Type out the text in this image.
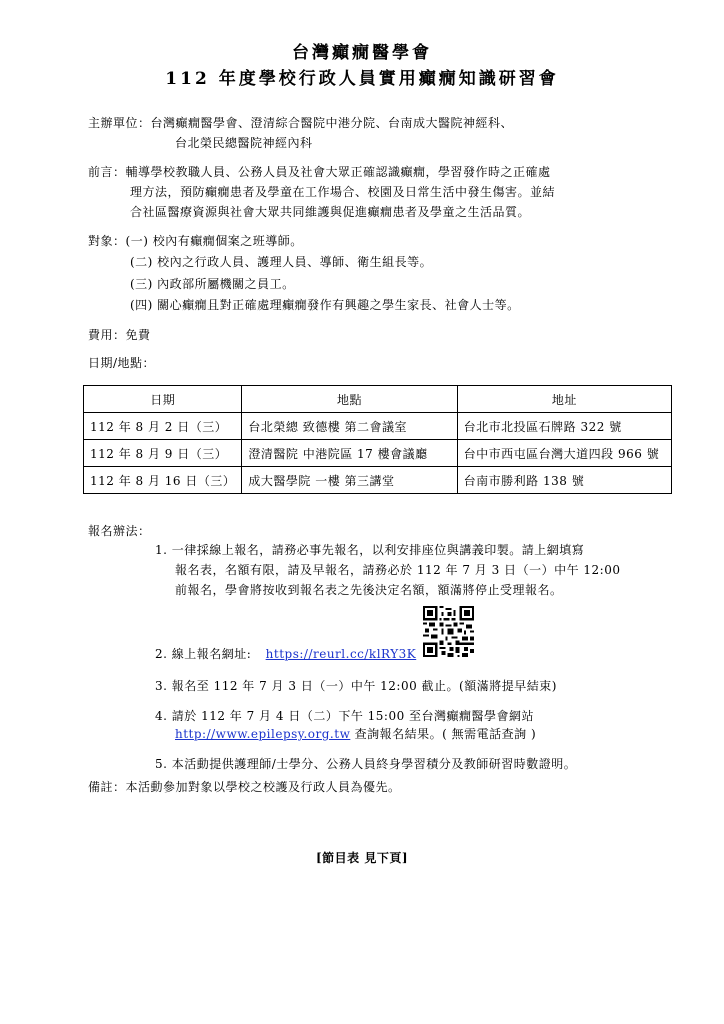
台灣癲癇醫學會
112 年度學校行政人員實用癲癇知識研習會
主辦單位：台灣癲癇醫學會、澄清綜合醫院中港分院、台南成大醫院神經科、
台北榮民總醫院神經內科
前言：輔導學校教職人員、公務人員及社會大眾正確認識癲癇，學習發作時之正確處
理方法，預防癲癇患者及學童在工作場合、校園及日常生活中發生傷害。並結
合社區醫療資源與社會大眾共同維護與促進癲癇患者及學童之生活品質。
對象：(一) 校內有癲癇個案之班導師。
(二) 校內之行政人員、護理人員、導師、衛生組長等。
(三) 內政部所屬機關之員工。
(四) 關心癲癇且對正確處理癲癇發作有興趣之學生家長、社會人士等。
費用：免費
日期/地點：
日期	地點	地址
112 年 8 月 2 日（三）	台北榮總 致德樓 第二會議室	台北市北投區石牌路 322 號
112 年 8 月 9 日（三）	澄清醫院 中港院區 17 樓會議廳	台中市西屯區台灣大道四段 966 號
112 年 8 月 16 日（三）	成大醫學院 一樓 第三講堂	台南市勝利路 138 號
報名辦法：
1. 一律採線上報名，請務必事先報名，以利安排座位與講義印製。請上網填寫
報名表，名額有限，請及早報名，請務必於 112 年 7 月 3 日（一）中午 12:00
前報名，學會將按收到報名表之先後決定名額，額滿將停止受理報名。
2. 線上報名網址: https://reurl.cc/klRY3K
3. 報名至 112 年 7 月 3 日（一）中午 12:00 截止。(額滿將提早結束)
4. 請於 112 年 7 月 4 日（二）下午 15:00 至台灣癲癇醫學會網站
http://www.epilepsy.org.tw 查詢報名結果。( 無需電話查詢 )
5. 本活動提供護理師/士學分、公務人員終身學習積分及教師研習時數證明。
備註：本活動參加對象以學校之校護及行政人員為優先。
[節目表 見下頁]
